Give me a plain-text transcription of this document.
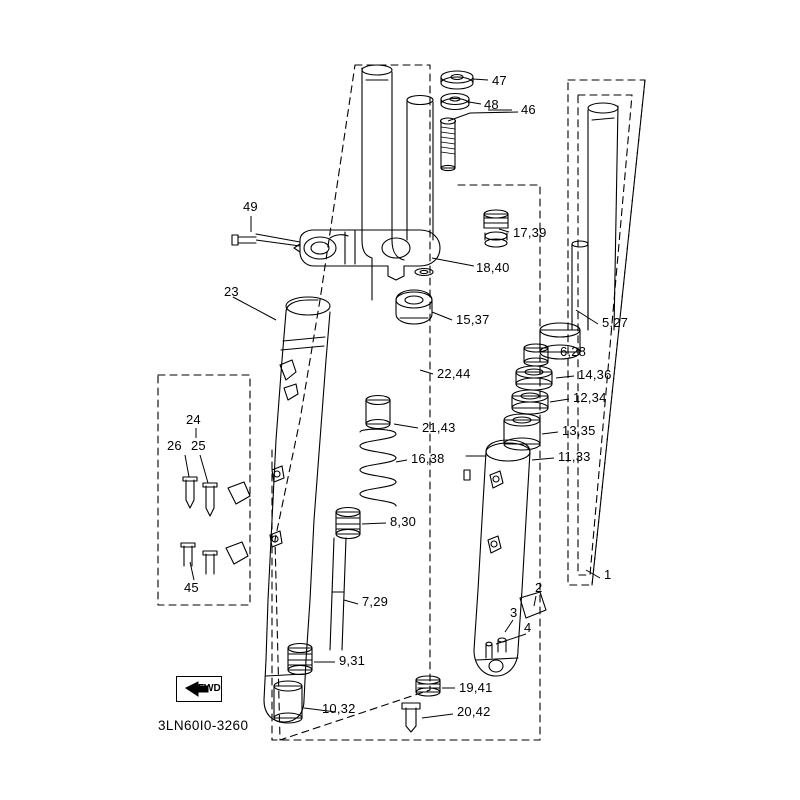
47
48 46
49
17,39
18,40
23
15,37	5,27
6,28
22,44	14,36
12,34
24
21,43	13,35
26 25
16,38	11,33
8,30
45
1
2
7,29
3
4
9,31
19,41
10,32	20,42
FWD
3LN60I0-3260
